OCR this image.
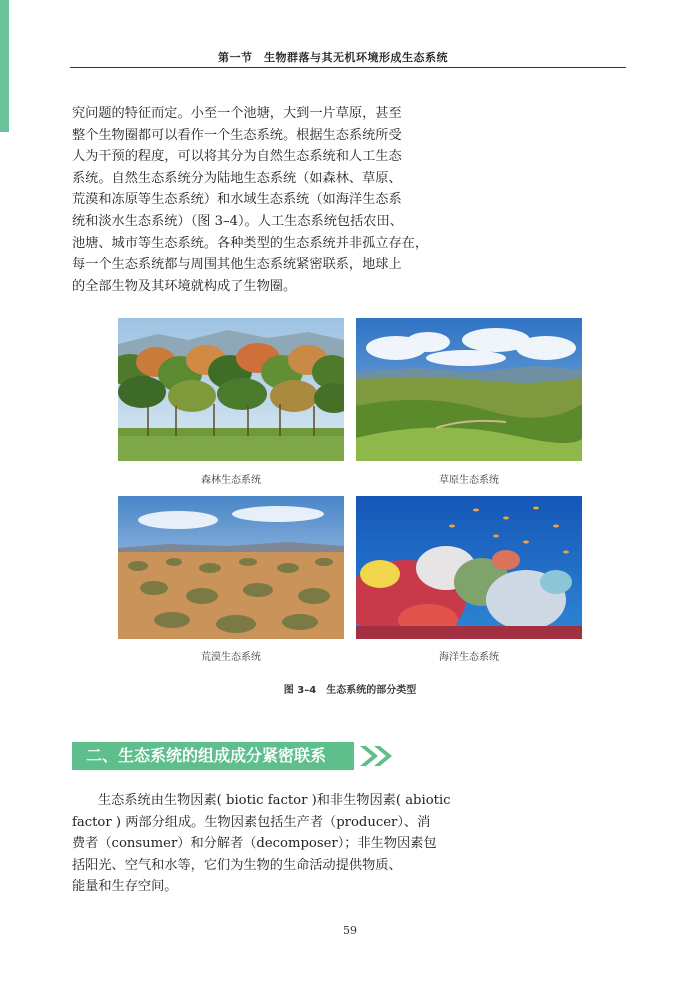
第一节　生物群落与其无机环境形成生态系统

究问题的特征而定。小至一个池塘，大到一片草原，甚至

整个生物圈都可以看作一个生态系统。根据生态系统所受

人为干预的程度，可以将其分为自然生态系统和人工生态

系统。自然生态系统分为陆地生态系统（如森林、草原、

荒漠和冻原等生态系统）和水域生态系统（如海洋生态系

统和淡水生态系统）（图 3–4）。人工生态系统包括农田、

池塘、城市等生态系统。各种类型的生态系统并非孤立存在，

每一个生态系统都与周围其他生态系统紧密联系，地球上

的全部生物及其环境就构成了生物圈。

森林生态系统	草原生态系统
荒漠生态系统	海洋生态系统
图 3–4　生态系统的部分类型
二、生态系统的组成成分紧密联系

生态系统由生物因素( biotic factor )和非生物因素( abiotic

factor ) 两部分组成。生物因素包括生产者（producer）、消

费者（consumer）和分解者（decomposer）；非生物因素包

括阳光、空气和水等，它们为生物的生命活动提供物质、

能量和生存空间。

59
